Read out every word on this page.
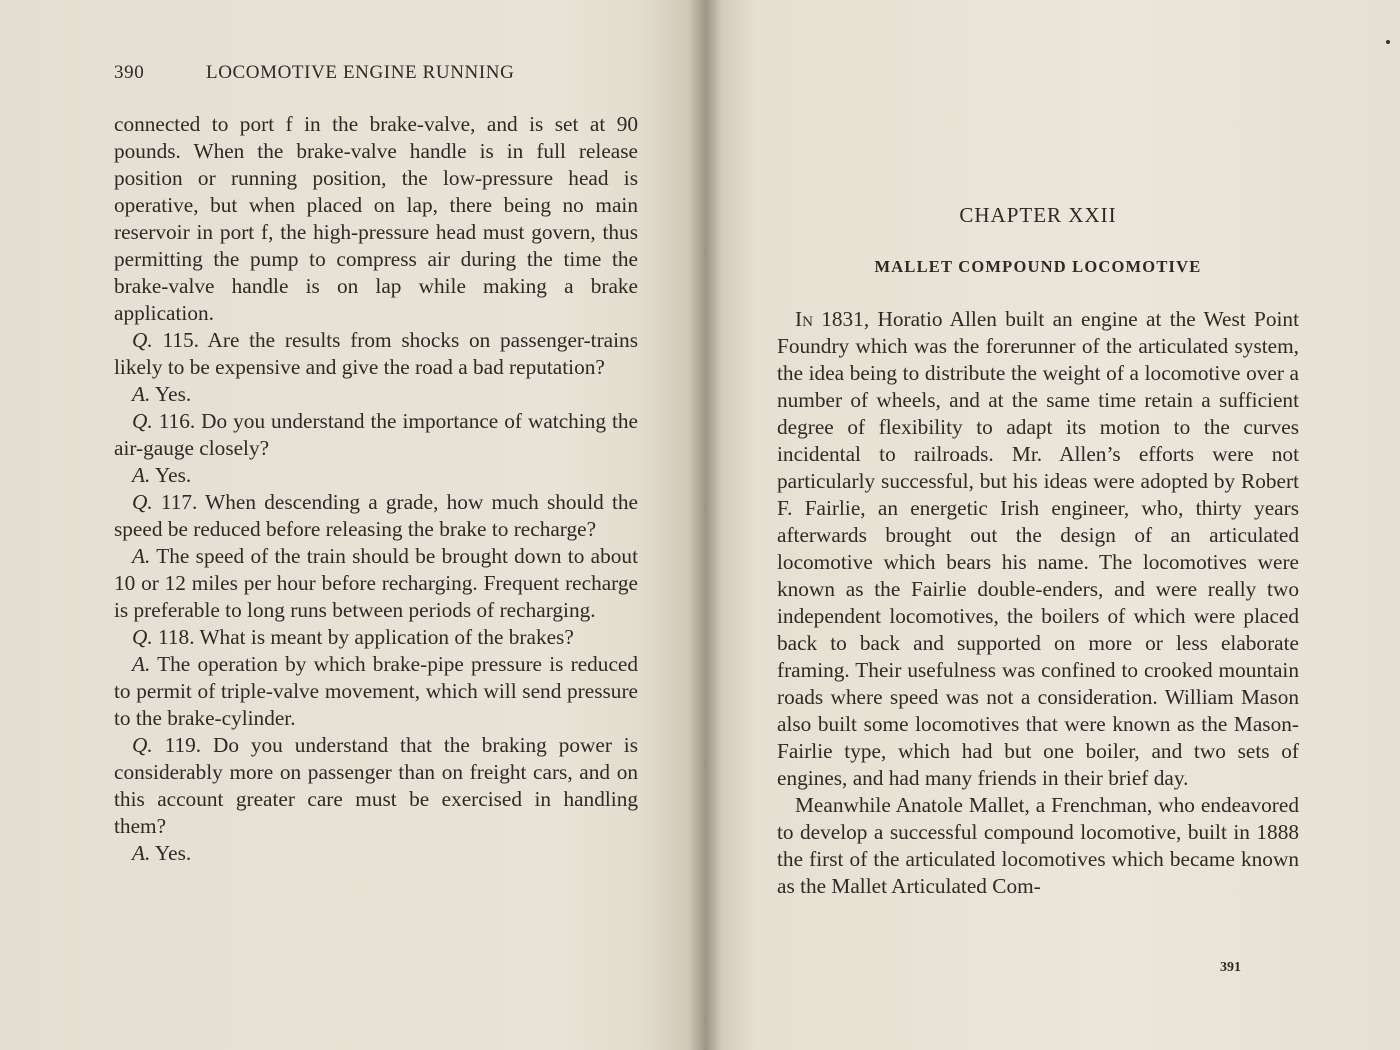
390	LOCOMOTIVE ENGINE RUNNING

connected to port f in the brake-valve, and is set at 90 pounds. When the brake-valve handle is in full release position or running position, the low-pressure head is operative, but when placed on lap, there being no main reservoir in port f, the high-pressure head must govern, thus permitting the pump to compress air during the time the brake-valve handle is on lap while making a brake application.

Q. 115. Are the results from shocks on passenger-trains likely to be expensive and give the road a bad reputation?

A. Yes.

Q. 116. Do you understand the importance of watching the air-gauge closely?

A. Yes.

Q. 117. When descending a grade, how much should the speed be reduced before releasing the brake to recharge?

A. The speed of the train should be brought down to about 10 or 12 miles per hour before recharging. Frequent recharge is preferable to long runs between periods of recharging.

Q. 118. What is meant by application of the brakes?

A. The operation by which brake-pipe pressure is reduced to permit of triple-valve movement, which will send pressure to the brake-cylinder.

Q. 119. Do you understand that the braking power is considerably more on passenger than on freight cars, and on this account greater care must be exercised in handling them?

A. Yes.

CHAPTER XXII
MALLET COMPOUND LOCOMOTIVE

In 1831, Horatio Allen built an engine at the West Point Foundry which was the forerunner of the articulated system, the idea being to distribute the weight of a locomotive over a number of wheels, and at the same time retain a sufficient degree of flexibility to adapt its motion to the curves incidental to railroads. Mr. Allen’s efforts were not particularly successful, but his ideas were adopted by Robert F. Fairlie, an energetic Irish engineer, who, thirty years afterwards brought out the design of an articulated locomotive which bears his name. The locomotives were known as the Fairlie double-enders, and were really two independent locomotives, the boilers of which were placed back to back and supported on more or less elaborate framing. Their usefulness was confined to crooked mountain roads where speed was not a consideration. William Mason also built some locomotives that were known as the Mason-Fairlie type, which had but one boiler, and two sets of engines, and had many friends in their brief day.

Meanwhile Anatole Mallet, a Frenchman, who endeavored to develop a successful compound locomotive, built in 1888 the first of the articulated locomotives which became known as the Mallet Articulated Com-

391
